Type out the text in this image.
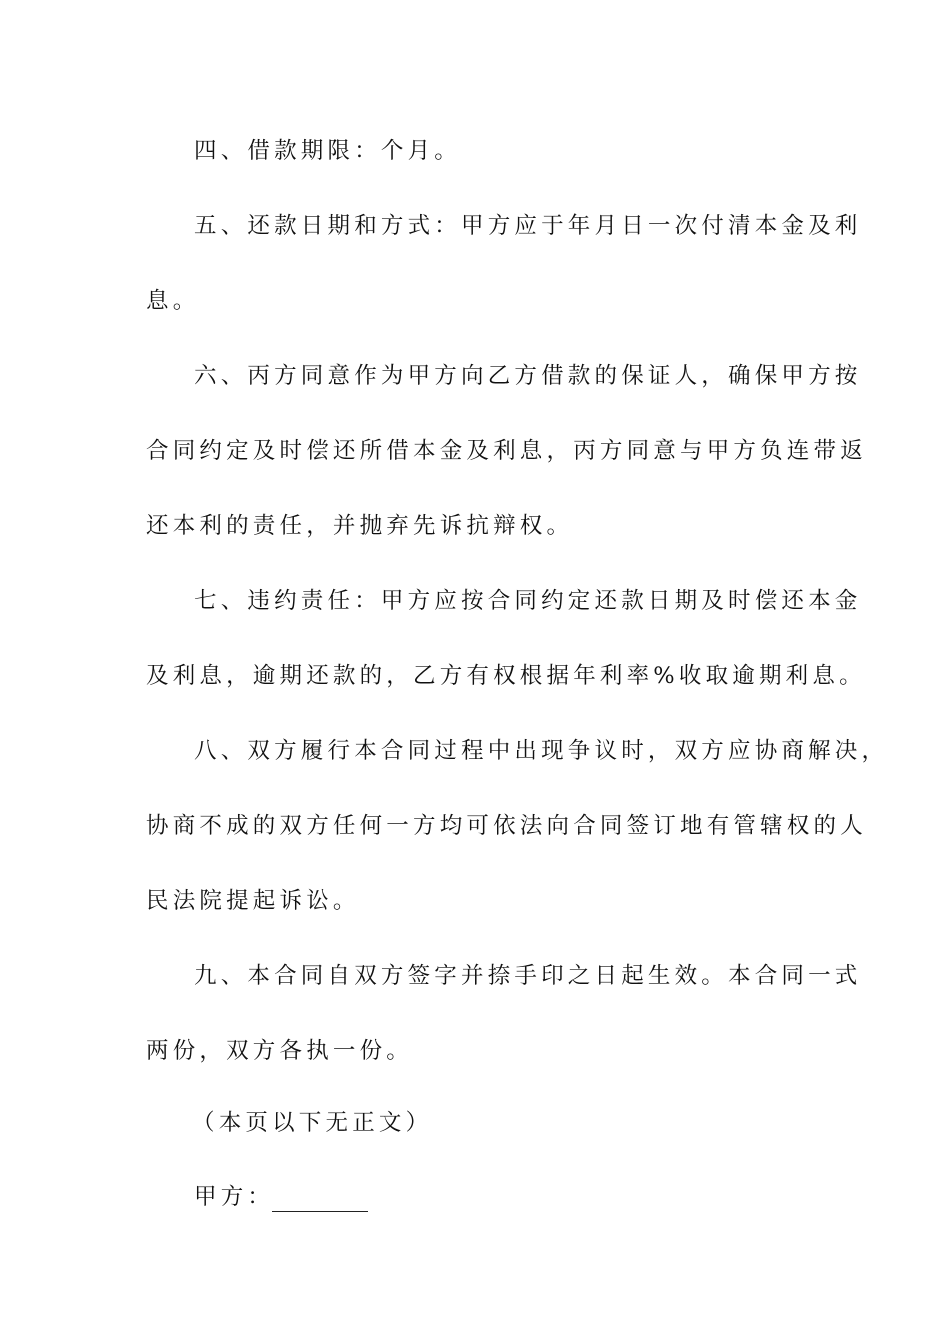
四、借款期限：个月。
五、还款日期和方式：甲方应于年月日一次付清本金及利
息。
六、丙方同意作为甲方向乙方借款的保证人，确保甲方按
合同约定及时偿还所借本金及利息，丙方同意与甲方负连带返
还本利的责任，并抛弃先诉抗辩权。
七、违约责任：甲方应按合同约定还款日期及时偿还本金
及利息，逾期还款的，乙方有权根据年利率%收取逾期利息。
八、双方履行本合同过程中出现争议时，双方应协商解决，
协商不成的双方任何一方均可依法向合同签订地有管辖权的人
民法院提起诉讼。
九、本合同自双方签字并捺手印之日起生效。本合同一式
两份，双方各执一份。
（本页以下无正文）
甲方：
